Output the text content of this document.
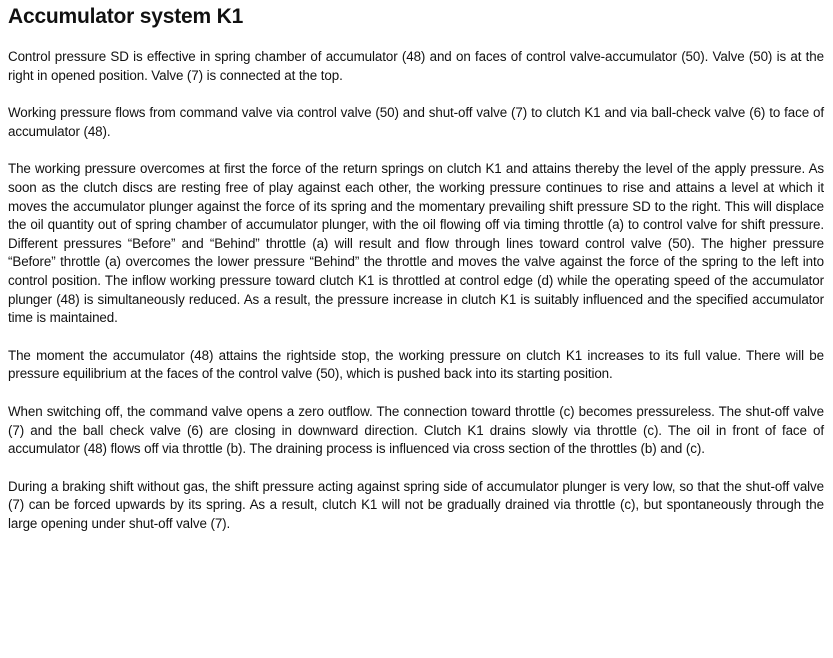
Accumulator system K1

Control pressure SD is effective in spring chamber of accumulator (48) and on faces of control valve-accumulator (50). Valve (50) is at the right in opened position. Valve (7) is connected at the top.

Working pressure flows from command valve via control valve (50) and shut-off valve (7) to clutch K1 and via ball-check valve (6) to face of accumulator (48).

The working pressure overcomes at first the force of the return springs on clutch K1 and attains thereby the level of the apply pressure. As soon as the clutch discs are resting free of play against each other, the working pressure continues to rise and attains a level at which it moves the accumulator plunger against the force of its spring and the momentary prevailing shift pressure SD to the right. This will displace the oil quantity out of spring chamber of accumulator plunger, with the oil flowing off via timing throttle (a) to control valve for shift pressure. Different pressures “Before” and “Behind” throttle (a) will result and flow through lines toward control valve (50). The higher pressure “Before” throttle (a) overcomes the lower pressure “Behind” the throttle and moves the valve against the force of the spring to the left into control position. The inflow working pressure toward clutch K1 is throttled at control edge (d) while the operating speed of the accumulator plunger (48) is simultaneously reduced. As a result, the pressure increase in clutch K1 is suitably influenced and the specified accumulator time is maintained.

The moment the accumulator (48) attains the rightside stop, the working pressure on clutch K1 increases to its full value. There will be pressure equilibrium at the faces of the control valve (50), which is pushed back into its starting position.

When switching off, the command valve opens a zero outflow. The connection toward throttle (c) becomes pressureless. The shut-off valve (7) and the ball check valve (6) are closing in downward direction. Clutch K1 drains slowly via throttle (c). The oil in front of face of accumulator (48) flows off via throttle (b). The draining process is influenced via cross section of the throttles (b) and (c).

During a braking shift without gas, the shift pressure acting against spring side of accumulator plunger is very low, so that the shut-off valve (7) can be forced upwards by its spring. As a result, clutch K1 will not be gradually drained via throttle (c), but spontaneously through the large opening under shut-off valve (7).
